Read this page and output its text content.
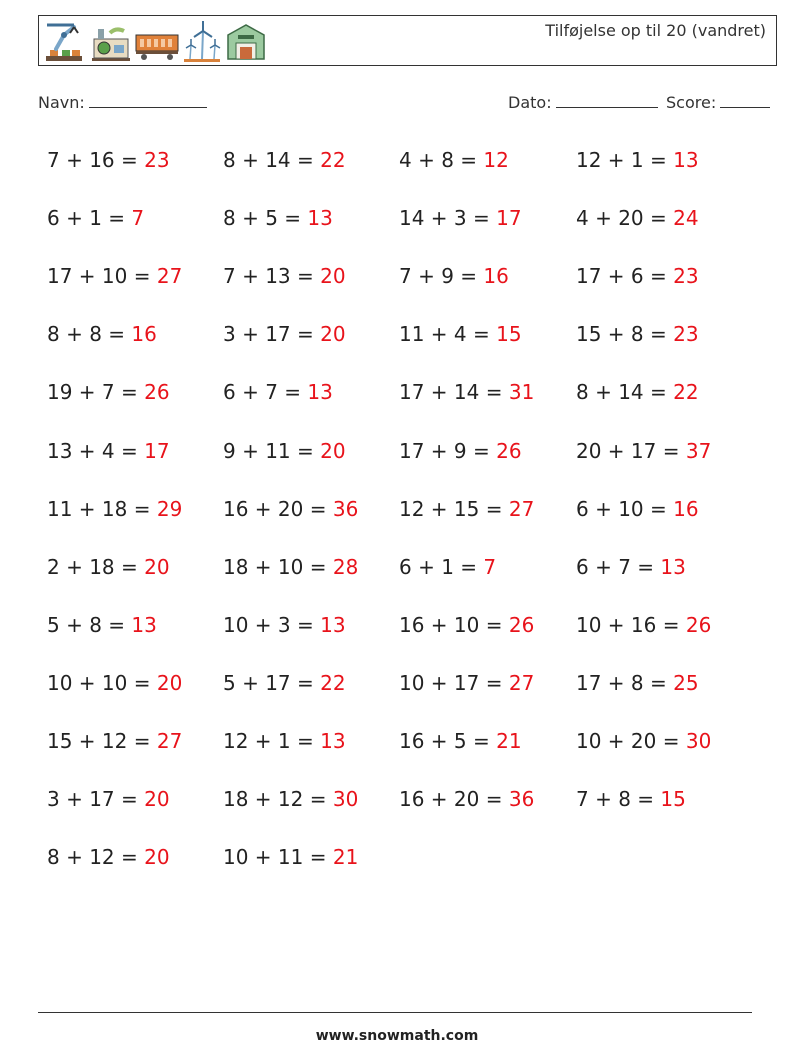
Tilføjelse op til 20 (vandret)
Navn:	Dato:	Score:
7 + 16 = 23	8 + 14 = 22	4 + 8 = 12	12 + 1 = 13
6 + 1 = 7	8 + 5 = 13	14 + 3 = 17	4 + 20 = 24
17 + 10 = 27 7 + 13 = 20	7 + 9 = 16	17 + 6 = 23
8 + 8 = 16	3 + 17 = 20	11 + 4 = 15	15 + 8 = 23
19 + 7 = 26	6 + 7 = 13	17 + 14 = 31 8 + 14 = 22
13 + 4 = 17	9 + 11 = 20	17 + 9 = 26	20 + 17 = 37
11 + 18 = 29 16 + 20 = 36 12 + 15 = 27 6 + 10 = 16
2 + 18 = 20	18 + 10 = 28 6 + 1 = 7	6 + 7 = 13
5 + 8 = 13	10 + 3 = 13	16 + 10 = 26 10 + 16 = 26
10 + 10 = 20 5 + 17 = 22	10 + 17 = 27 17 + 8 = 25
15 + 12 = 27 12 + 1 = 13	16 + 5 = 21	10 + 20 = 30
3 + 17 = 20	18 + 12 = 30 16 + 20 = 36 7 + 8 = 15
8 + 12 = 20	10 + 11 = 21
www.snowmath.com
